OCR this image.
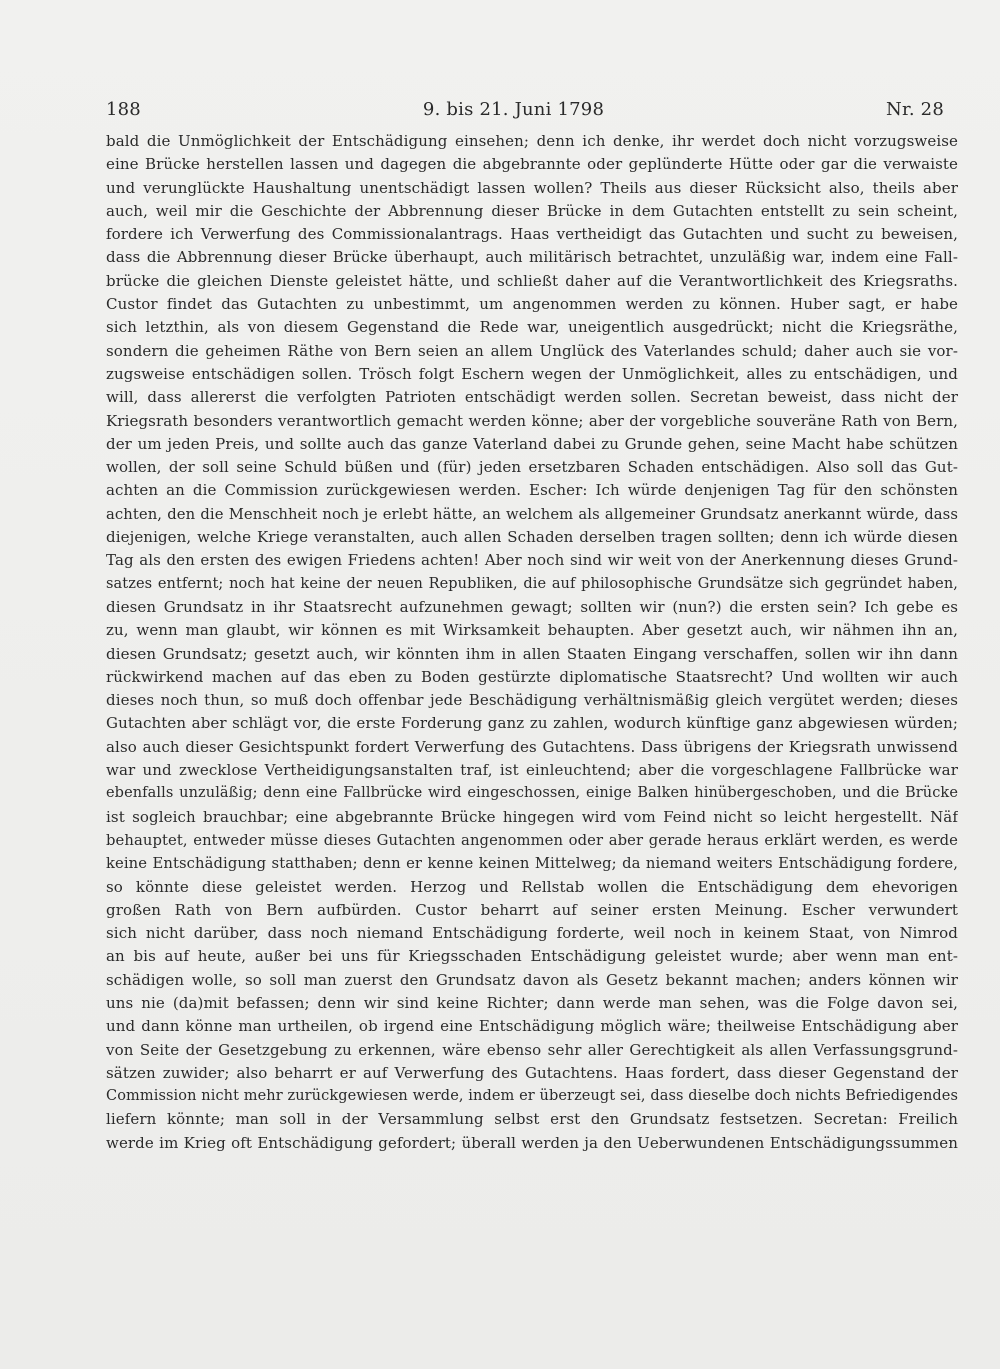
188	9. bis 21. Juni 1798	Nr. 28
bald die Unmöglichkeit der Entschädigung einsehen; denn ich denke, ihr werdet doch nicht vorzugsweise
eine Brücke herstellen lassen und dagegen die abgebrannte oder geplünderte Hütte oder gar die verwaiste
und verunglückte Haushaltung unentschädigt lassen wollen? Theils aus dieser Rücksicht also, theils aber
auch, weil mir die Geschichte der Abbrennung dieser Brücke in dem Gutachten entstellt zu sein scheint,
fordere ich Verwerfung des Commissionalantrags. Haas vertheidigt das Gutachten und sucht zu beweisen,
dass die Abbrennung dieser Brücke überhaupt, auch militärisch betrachtet, unzuläßig war, indem eine Fall-
brücke die gleichen Dienste geleistet hätte, und schließt daher auf die Verantwortlichkeit des Kriegsraths.
Custor findet das Gutachten zu unbestimmt, um angenommen werden zu können. Huber sagt, er habe
sich letzthin, als von diesem Gegenstand die Rede war, uneigentlich ausgedrückt; nicht die Kriegsräthe,
sondern die geheimen Räthe von Bern seien an allem Unglück des Vaterlandes schuld; daher auch sie vor-
zugsweise entschädigen sollen. Trösch folgt Eschern wegen der Unmöglichkeit, alles zu entschädigen, und
will, dass allererst die verfolgten Patrioten entschädigt werden sollen. Secretan beweist, dass nicht der
Kriegsrath besonders verantwortlich gemacht werden könne; aber der vorgebliche souveräne Rath von Bern,
der um jeden Preis, und sollte auch das ganze Vaterland dabei zu Grunde gehen, seine Macht habe schützen
wollen, der soll seine Schuld büßen und (für) jeden ersetzbaren Schaden entschädigen. Also soll das Gut-
achten an die Commission zurückgewiesen werden. Escher: Ich würde denjenigen Tag für den schönsten
achten, den die Menschheit noch je erlebt hätte, an welchem als allgemeiner Grundsatz anerkannt würde, dass
diejenigen, welche Kriege veranstalten, auch allen Schaden derselben tragen sollten; denn ich würde diesen
Tag als den ersten des ewigen Friedens achten! Aber noch sind wir weit von der Anerkennung dieses Grund-
satzes entfernt; noch hat keine der neuen Republiken, die auf philosophische Grundsätze sich gegründet haben,
diesen Grundsatz in ihr Staatsrecht aufzunehmen gewagt; sollten wir (nun?) die ersten sein? Ich gebe es
zu, wenn man glaubt, wir können es mit Wirksamkeit behaupten. Aber gesetzt auch, wir nähmen ihn an,
diesen Grundsatz; gesetzt auch, wir könnten ihm in allen Staaten Eingang verschaffen, sollen wir ihn dann
rückwirkend machen auf das eben zu Boden gestürzte diplomatische Staatsrecht? Und wollten wir auch
dieses noch thun, so muß doch offenbar jede Beschädigung verhältnismäßig gleich vergütet werden; dieses
Gutachten aber schlägt vor, die erste Forderung ganz zu zahlen, wodurch künftige ganz abgewiesen würden;
also auch dieser Gesichtspunkt fordert Verwerfung des Gutachtens. Dass übrigens der Kriegsrath unwissend
war und zwecklose Vertheidigungsanstalten traf, ist einleuchtend; aber die vorgeschlagene Fallbrücke war
ebenfalls unzuläßig; denn eine Fallbrücke wird eingeschossen, einige Balken hinübergeschoben, und die Brücke
ist sogleich brauchbar; eine abgebrannte Brücke hingegen wird vom Feind nicht so leicht hergestellt. Näf
behauptet, entweder müsse dieses Gutachten angenommen oder aber gerade heraus erklärt werden, es werde
keine Entschädigung statthaben; denn er kenne keinen Mittelweg; da niemand weiters Entschädigung fordere,
so könnte diese geleistet werden. Herzog und Rellstab wollen die Entschädigung dem ehevorigen
großen Rath von Bern aufbürden. Custor beharrt auf seiner ersten Meinung. Escher verwundert
sich nicht darüber, dass noch niemand Entschädigung forderte, weil noch in keinem Staat, von Nimrod
an bis auf heute, außer bei uns für Kriegsschaden Entschädigung geleistet wurde; aber wenn man ent-
schädigen wolle, so soll man zuerst den Grundsatz davon als Gesetz bekannt machen; anders können wir
uns nie (da)mit befassen; denn wir sind keine Richter; dann werde man sehen, was die Folge davon sei,
und dann könne man urtheilen, ob irgend eine Entschädigung möglich wäre; theilweise Entschädigung aber
von Seite der Gesetzgebung zu erkennen, wäre ebenso sehr aller Gerechtigkeit als allen Verfassungsgrund-
sätzen zuwider; also beharrt er auf Verwerfung des Gutachtens. Haas fordert, dass dieser Gegenstand der
Commission nicht mehr zurückgewiesen werde, indem er überzeugt sei, dass dieselbe doch nichts Befriedigendes
liefern könnte; man soll in der Versammlung selbst erst den Grundsatz festsetzen. Secretan: Freilich
werde im Krieg oft Entschädigung gefordert; überall werden ja den Ueberwundenen Entschädigungssummen
